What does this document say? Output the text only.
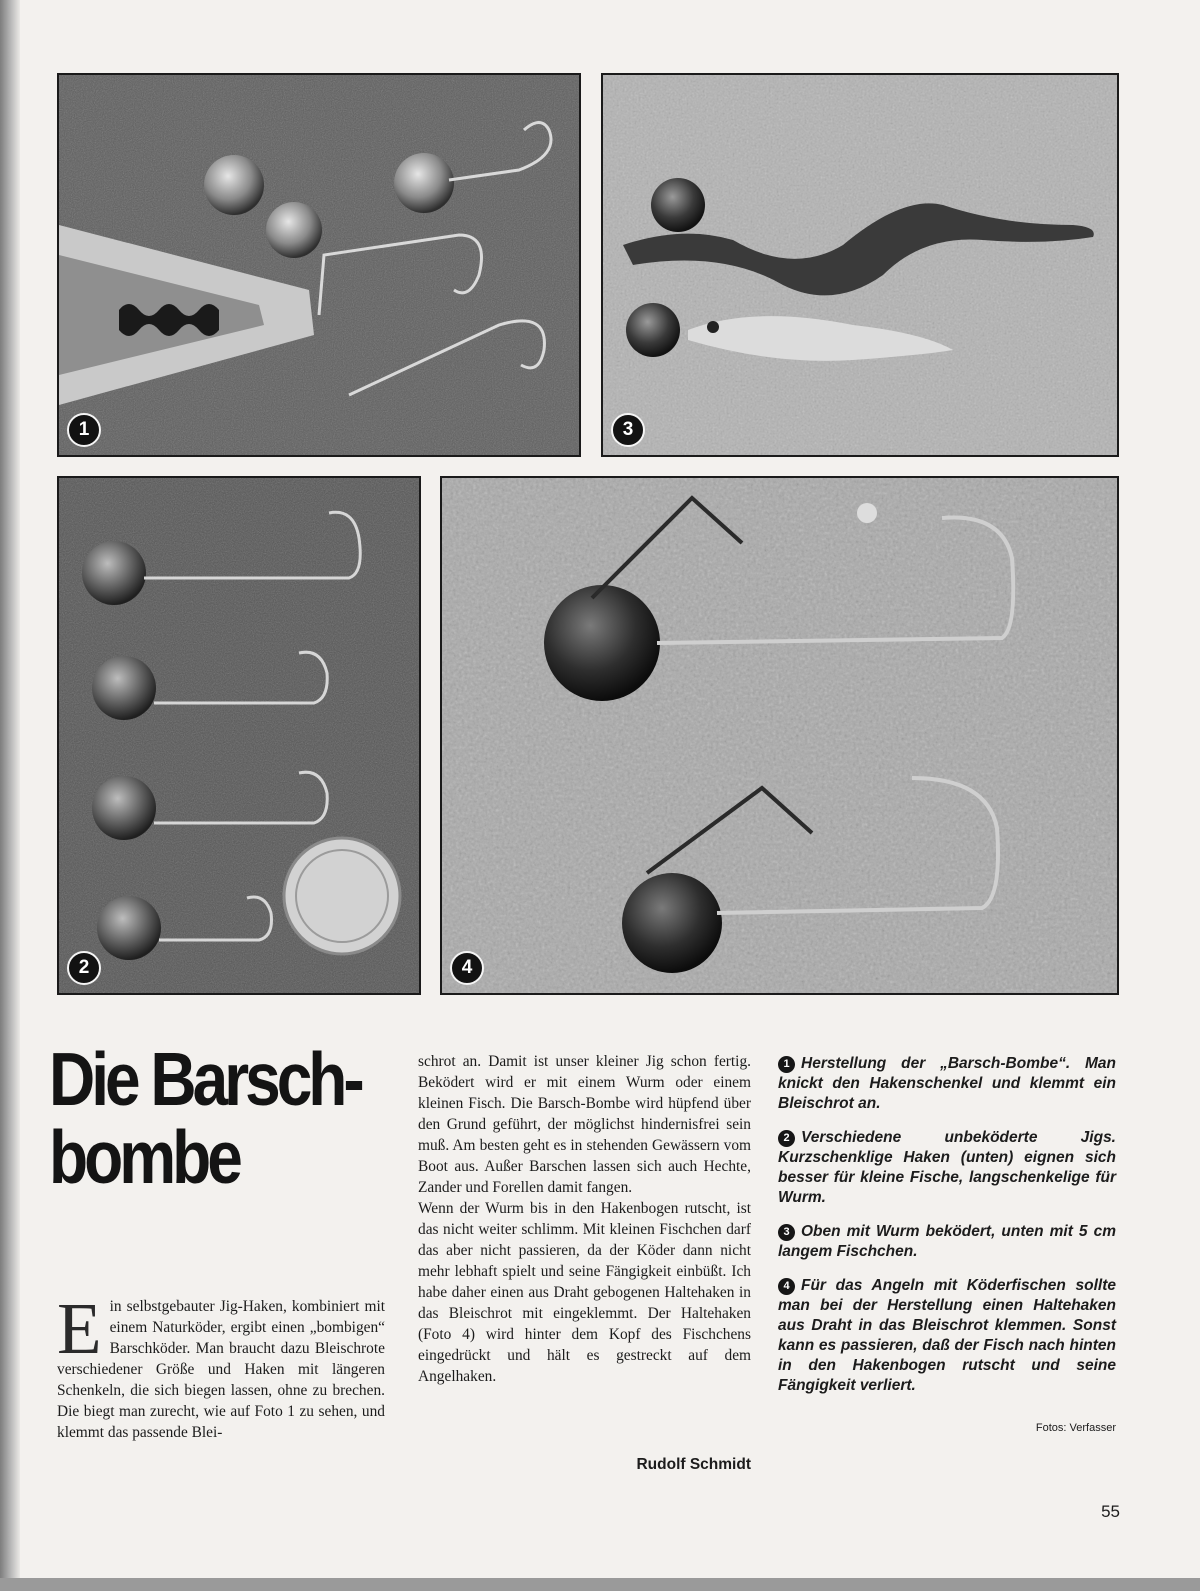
1	3
2	4
Die Barsch-
bombe

Ein selbstgebauter Jig-Haken, kombiniert mit einem Naturköder, ergibt einen „bombigen“ Barschköder. Man braucht dazu Bleischrote verschiedener Größe und Haken mit längeren Schenkeln, die sich biegen lassen, ohne zu brechen. Die biegt man zurecht, wie auf Foto 1 zu sehen, und klemmt das passende Blei-

schrot an. Damit ist unser kleiner Jig schon fertig. Beködert wird er mit einem Wurm oder einem kleinen Fisch. Die Barsch-Bombe wird hüpfend über den Grund geführt, der möglichst hindernisfrei sein muß. Am besten geht es in stehenden Gewässern vom Boot aus. Außer Barschen lassen sich auch Hechte, Zander und Forellen damit fangen.
Wenn der Wurm bis in den Hakenbogen rutscht, ist das nicht weiter schlimm. Mit kleinen Fischchen darf das aber nicht passieren, da der Köder dann nicht mehr lebhaft spielt und seine Fängigkeit einbüßt. Ich habe daher einen aus Draht gebogenen Haltehaken in das Bleischrot mit eingeklemmt. Der Haltehaken (Foto 4) wird hinter dem Kopf des Fischchens eingedrückt und hält es gestreckt auf dem Angelhaken.

Rudolf Schmidt

1 Herstellung der „Barsch-Bombe“. Man knickt den Hakenschenkel und klemmt ein Bleischrot an.

2 Verschiedene unbeköderte Jigs. Kurzschenklige Haken (unten) eignen sich besser für kleine Fische, langschenkelige für Wurm.

3 Oben mit Wurm beködert, unten mit 5 cm langem Fischchen.

4 Für das Angeln mit Köderfischen sollte man bei der Herstellung einen Haltehaken aus Draht in das Bleischrot klemmen. Sonst kann es passieren, daß der Fisch nach hinten in den Hakenbogen rutscht und seine Fängigkeit verliert.

Fotos: Verfasser

55
